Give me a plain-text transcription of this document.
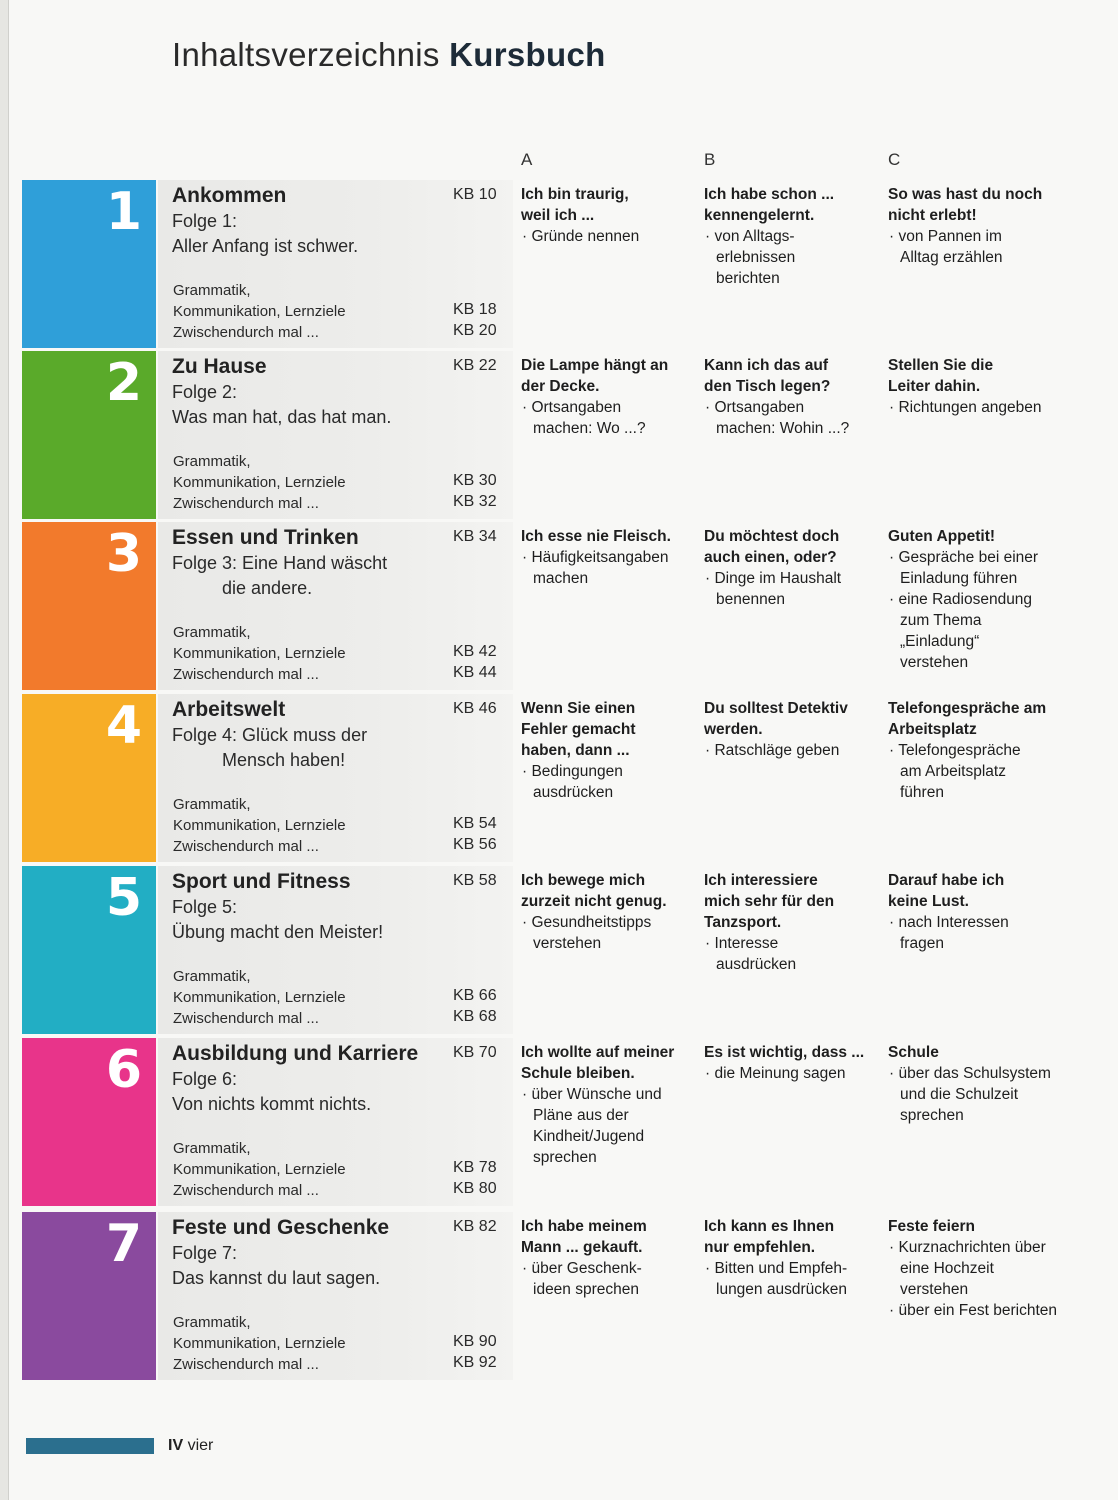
Inhaltsverzeichnis Kursbuch
A	B	C
1 Ankommen
Folge 1:
Aller Anfang ist schwer.
KB 10
Grammatik,
Kommunikation, Lernziele
Zwischendurch mal ...
KB 18
KB 20
Ich bin traurig,
weil ich ...
· Gründe nennen
Ich habe schon ...
kennengelernt.
· von Alltags-
erlebnissen
berichten
So was hast du noch
nicht erlebt!
· von Pannen im
Alltag erzählen
2 Zu Hause
Folge 2:
Was man hat, das hat man.
KB 22
Grammatik,
Kommunikation, Lernziele
Zwischendurch mal ...
KB 30
KB 32
Die Lampe hängt an
der Decke.
· Ortsangaben
machen: Wo ...?
Kann ich das auf
den Tisch legen?
· Ortsangaben
machen: Wohin ...?
Stellen Sie die
Leiter dahin.
· Richtungen angeben
3 Essen und Trinken
Folge 3: Eine Hand wäscht
die andere.
KB 34
Grammatik,
Kommunikation, Lernziele
Zwischendurch mal ...
KB 42
KB 44
Ich esse nie Fleisch.
· Häufigkeitsangaben
machen
Du möchtest doch
auch einen, oder?
· Dinge im Haushalt
benennen
Guten Appetit!
· Gespräche bei einer
Einladung führen
· eine Radiosendung
zum Thema „Einladung“
verstehen
4 Arbeitswelt
Folge 4: Glück muss der
Mensch haben!
KB 46
Grammatik,
Kommunikation, Lernziele
Zwischendurch mal ...
KB 54
KB 56
Wenn Sie einen
Fehler gemacht
haben, dann ...
· Bedingungen
ausdrücken
Du solltest Detektiv
werden.
· Ratschläge geben
Telefongespräche am
Arbeitsplatz
· Telefongespräche
am Arbeitsplatz
führen
5 Sport und Fitness
Folge 5:
Übung macht den Meister!
KB 58
Grammatik,
Kommunikation, Lernziele
Zwischendurch mal ...
KB 66
KB 68
Ich bewege mich
zurzeit nicht genug.
· Gesundheitstipps
verstehen
Ich interessiere
mich sehr für den
Tanzsport.
· Interesse
ausdrücken
Darauf habe ich
keine Lust.
· nach Interessen
fragen
6 Ausbildung und Karriere
Folge 6:
Von nichts kommt nichts.
KB 70
Grammatik,
Kommunikation, Lernziele
Zwischendurch mal ...
KB 78
KB 80
Ich wollte auf meiner
Schule bleiben.
· über Wünsche und
Pläne aus der
Kindheit/Jugend
sprechen
Es ist wichtig, dass ...
· die Meinung sagen
Schule
· über das Schulsystem
und die Schulzeit
sprechen
7 Feste und Geschenke
Folge 7:
Das kannst du laut sagen.
KB 82
Grammatik,
Kommunikation, Lernziele
Zwischendurch mal ...
KB 90
KB 92
Ich habe meinem
Mann ... gekauft.
· über Geschenk-
ideen sprechen
Ich kann es Ihnen
nur empfehlen.
· Bitten und Empfeh-
lungen ausdrücken
Feste feiern
· Kurznachrichten über
eine Hochzeit
verstehen
· über ein Fest berichten
IV vier
